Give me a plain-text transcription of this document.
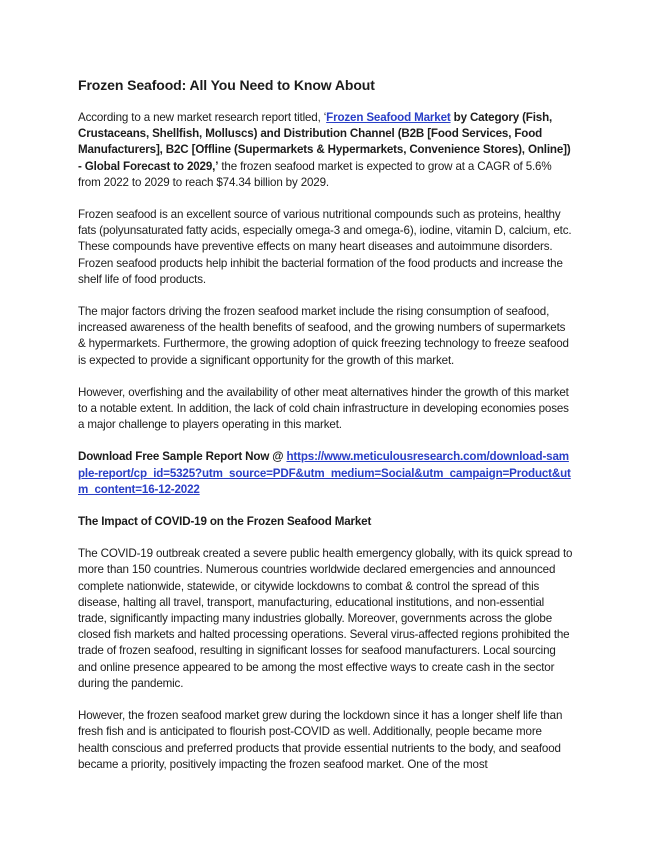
Frozen Seafood: All You Need to Know About

According to a new market research report titled, ‘Frozen Seafood Market by Category (Fish, Crustaceans, Shellfish, Molluscs) and Distribution Channel (B2B [Food Services, Food Manufacturers], B2C [Offline (Supermarkets & Hypermarkets, Convenience Stores), Online]) - Global Forecast to 2029,’ the frozen seafood market is expected to grow at a CAGR of 5.6% from 2022 to 2029 to reach $74.34 billion by 2029.

Frozen seafood is an excellent source of various nutritional compounds such as proteins, healthy fats (polyunsaturated fatty acids, especially omega-3 and omega-6), iodine, vitamin D, calcium, etc. These compounds have preventive effects on many heart diseases and autoimmune disorders. Frozen seafood products help inhibit the bacterial formation of the food products and increase the shelf life of food products.

The major factors driving the frozen seafood market include the rising consumption of seafood, increased awareness of the health benefits of seafood, and the growing numbers of supermarkets & hypermarkets. Furthermore, the growing adoption of quick freezing technology to freeze seafood is expected to provide a significant opportunity for the growth of this market.

However, overfishing and the availability of other meat alternatives hinder the growth of this market to a notable extent. In addition, the lack of cold chain infrastructure in developing economies poses a major challenge to players operating in this market.

Download Free Sample Report Now @ https://www.meticulousresearch.com/download-sample-report/cp_id=5325?utm_source=PDF&utm_medium=Social&utm_campaign=Product&utm_content=16-12-2022

The Impact of COVID-19 on the Frozen Seafood Market

The COVID-19 outbreak created a severe public health emergency globally, with its quick spread to more than 150 countries. Numerous countries worldwide declared emergencies and announced complete nationwide, statewide, or citywide lockdowns to combat & control the spread of this disease, halting all travel, transport, manufacturing, educational institutions, and non-essential trade, significantly impacting many industries globally. Moreover, governments across the globe closed fish markets and halted processing operations. Several virus-affected regions prohibited the trade of frozen seafood, resulting in significant losses for seafood manufacturers. Local sourcing and online presence appeared to be among the most effective ways to create cash in the sector during the pandemic.

However, the frozen seafood market grew during the lockdown since it has a longer shelf life than fresh fish and is anticipated to flourish post-COVID as well. Additionally, people became more health conscious and preferred products that provide essential nutrients to the body, and seafood became a priority, positively impacting the frozen seafood market. One of the most
